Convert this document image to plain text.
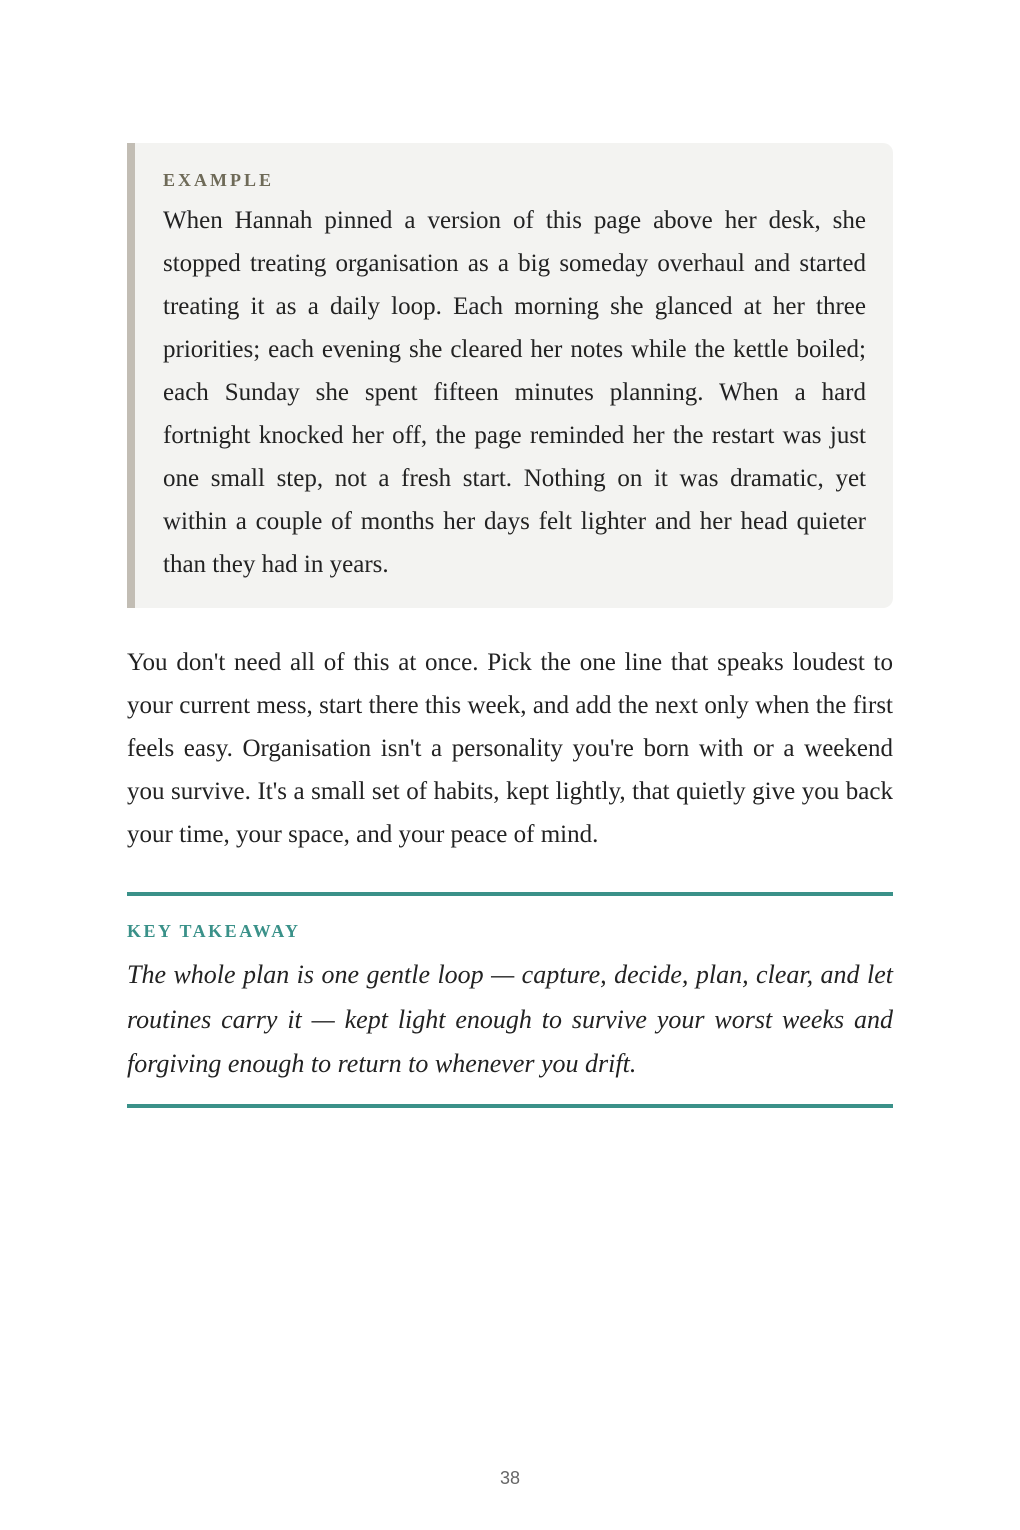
EXAMPLE

When Hannah pinned a version of this page above her desk, she stopped treating organisation as a big someday overhaul and started treating it as a daily loop. Each morning she glanced at her three priorities; each evening she cleared her notes while the kettle boiled; each Sunday she spent fifteen minutes planning. When a hard fortnight knocked her off, the page reminded her the restart was just one small step, not a fresh start. Nothing on it was dramatic, yet within a couple of months her days felt lighter and her head quieter than they had in years.

You don't need all of this at once. Pick the one line that speaks loudest to your current mess, start there this week, and add the next only when the first feels easy. Organisation isn't a personality you're born with or a weekend you survive. It's a small set of habits, kept lightly, that quietly give you back your time, your space, and your peace of mind.

KEY TAKEAWAY

The whole plan is one gentle loop — capture, decide, plan, clear, and let routines carry it — kept light enough to survive your worst weeks and forgiving enough to return to whenever you drift.

38
